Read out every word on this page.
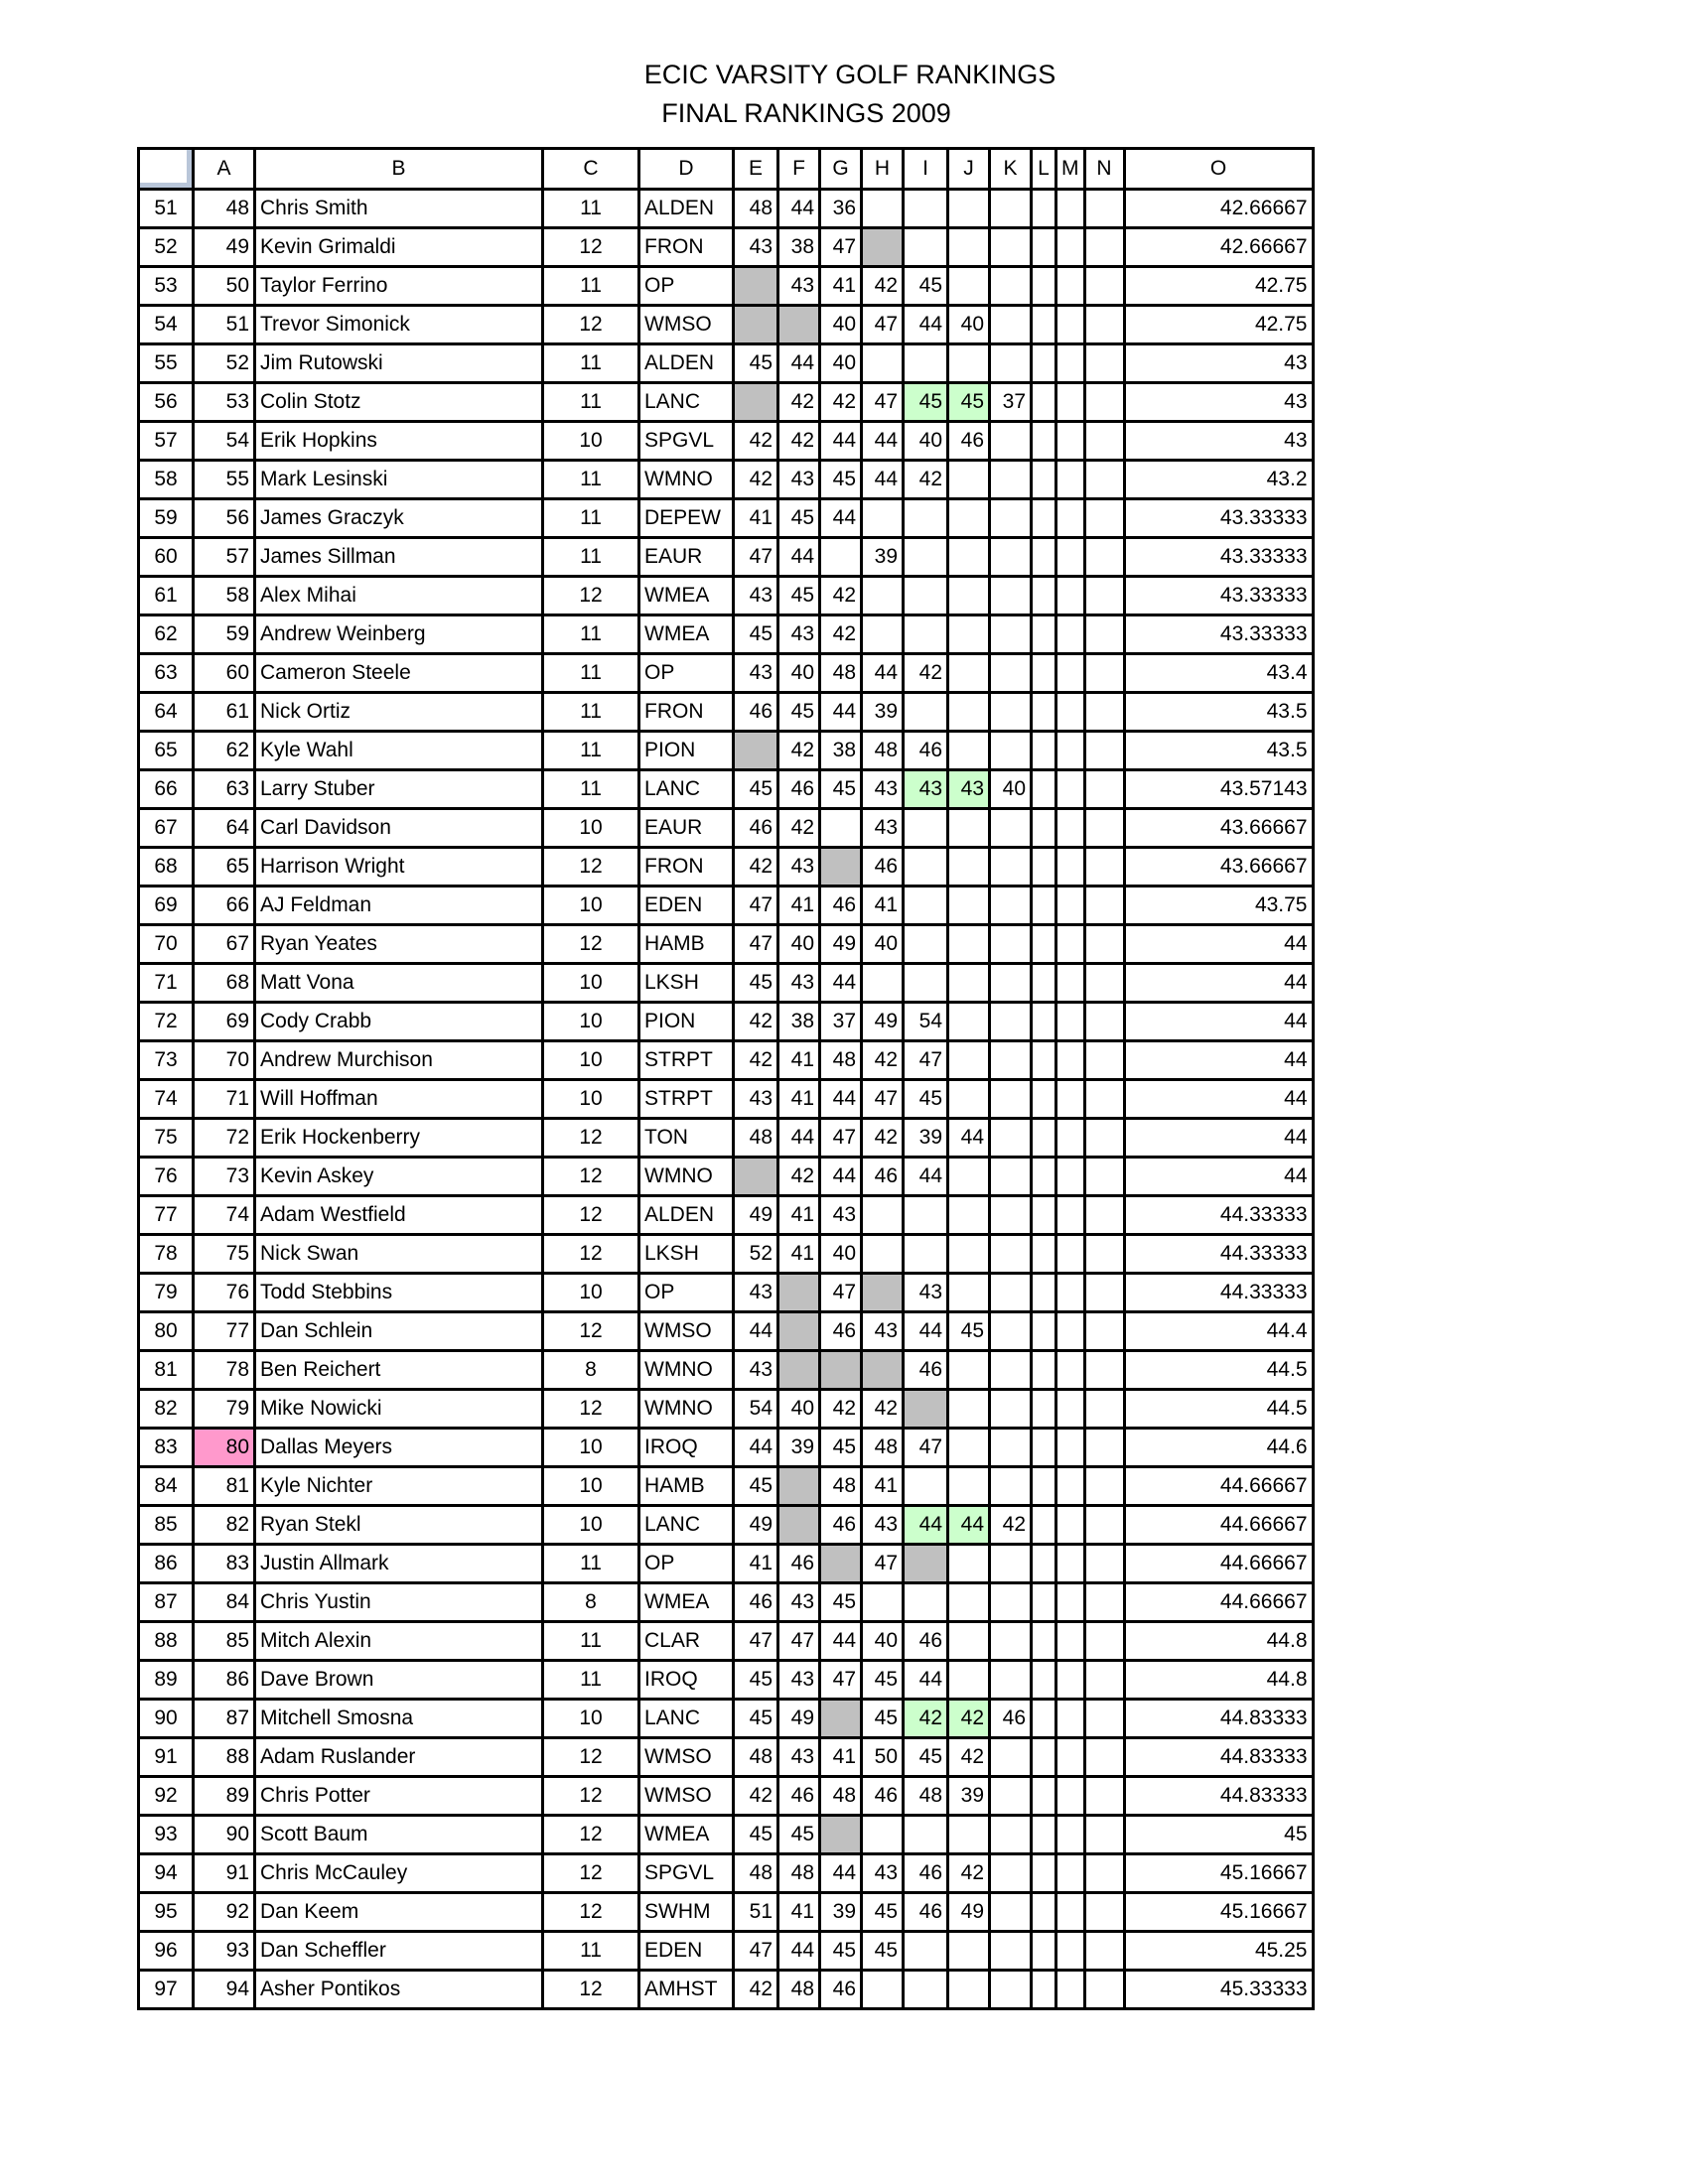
ECIC VARSITY GOLF RANKINGS
FINAL RANKINGS 2009
	A	B	C	D	E	F	G	H	I	J	K	L	M	N	O
51	48	Chris Smith	11	ALDEN	48	44	36								42.66667
52	49	Kevin Grimaldi	12	FRON	43	38	47								42.66667
53	50	Taylor Ferrino	11	OP		43	41	42	45						42.75
54	51	Trevor Simonick	12	WMSO			40	47	44	40					42.75
55	52	Jim Rutowski	11	ALDEN	45	44	40								43
56	53	Colin Stotz	11	LANC		42	42	47	45	45	37				43
57	54	Erik Hopkins	10	SPGVL	42	42	44	44	40	46					43
58	55	Mark Lesinski	11	WMNO	42	43	45	44	42						43.2
59	56	James Graczyk	11	DEPEW	41	45	44								43.33333
60	57	James Sillman	11	EAUR	47	44		39							43.33333
61	58	Alex Mihai	12	WMEA	43	45	42								43.33333
62	59	Andrew Weinberg	11	WMEA	45	43	42								43.33333
63	60	Cameron Steele	11	OP	43	40	48	44	42						43.4
64	61	Nick Ortiz	11	FRON	46	45	44	39							43.5
65	62	Kyle Wahl	11	PION		42	38	48	46						43.5
66	63	Larry Stuber	11	LANC	45	46	45	43	43	43	40				43.57143
67	64	Carl Davidson	10	EAUR	46	42		43							43.66667
68	65	Harrison Wright	12	FRON	42	43		46							43.66667
69	66	AJ Feldman	10	EDEN	47	41	46	41							43.75
70	67	Ryan Yeates	12	HAMB	47	40	49	40							44
71	68	Matt Vona	10	LKSH	45	43	44								44
72	69	Cody Crabb	10	PION	42	38	37	49	54						44
73	70	Andrew Murchison	10	STRPT	42	41	48	42	47						44
74	71	Will Hoffman	10	STRPT	43	41	44	47	45						44
75	72	Erik Hockenberry	12	TON	48	44	47	42	39	44					44
76	73	Kevin Askey	12	WMNO		42	44	46	44						44
77	74	Adam Westfield	12	ALDEN	49	41	43								44.33333
78	75	Nick Swan	12	LKSH	52	41	40								44.33333
79	76	Todd Stebbins	10	OP	43		47		43						44.33333
80	77	Dan Schlein	12	WMSO	44		46	43	44	45					44.4
81	78	Ben Reichert	8	WMNO	43				46						44.5
82	79	Mike Nowicki	12	WMNO	54	40	42	42							44.5
83	80	Dallas Meyers	10	IROQ	44	39	45	48	47						44.6
84	81	Kyle Nichter	10	HAMB	45		48	41							44.66667
85	82	Ryan Stekl	10	LANC	49		46	43	44	44	42				44.66667
86	83	Justin Allmark	11	OP	41	46		47							44.66667
87	84	Chris Yustin	8	WMEA	46	43	45								44.66667
88	85	Mitch Alexin	11	CLAR	47	47	44	40	46						44.8
89	86	Dave Brown	11	IROQ	45	43	47	45	44						44.8
90	87	Mitchell Smosna	10	LANC	45	49		45	42	42	46				44.83333
91	88	Adam Ruslander	12	WMSO	48	43	41	50	45	42					44.83333
92	89	Chris Potter	12	WMSO	42	46	48	46	48	39					44.83333
93	90	Scott Baum	12	WMEA	45	45									45
94	91	Chris McCauley	12	SPGVL	48	48	44	43	46	42					45.16667
95	92	Dan Keem	12	SWHM	51	41	39	45	46	49					45.16667
96	93	Dan Scheffler	11	EDEN	47	44	45	45							45.25
97	94	Asher Pontikos	12	AMHST	42	48	46								45.33333
